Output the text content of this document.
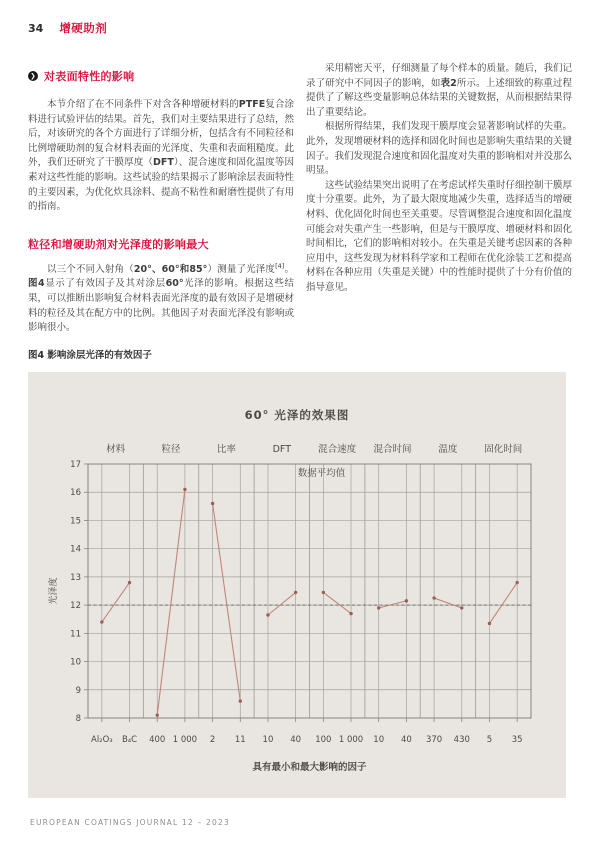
34 增硬助剂
❯ 对表面特性的影响

本节介绍了在不同条件下对含各种增硬材料的PTFE复合涂料进行试验评估的结果。首先，我们对主要结果进行了总结，然后，对该研究的各个方面进行了详细分析，包括含有不同粒径和比例增硬助剂的复合材料表面的光泽度、失重和表面粗糙度。此外，我们还研究了干膜厚度（DFT）、混合速度和固化温度等因素对这些性能的影响。这些试验的结果揭示了影响涂层表面特性的主要因素，为优化炊具涂料、提高不粘性和耐磨性提供了有用的指南。

粒径和增硬助剂对光泽度的影响最大

以三个不同入射角（20°、60°和85°）测量了光泽度[4]。图4显示了有效因子及其对涂层60°光泽的影响。根据这些结果，可以推断出影响复合材料表面光泽度的最有效因子是增硬材料的粒径及其在配方中的比例。其他因子对表面光泽没有影响或影响很小。

采用精密天平，仔细测量了每个样本的质量。随后，我们记录了研究中不同因子的影响，如表2所示。上述细致的称重过程提供了了解这些变量影响总体结果的关键数据，从而根据结果得出了重要结论。

根据所得结果，我们发现干膜厚度会显著影响试样的失重。此外，发现增硬材料的选择和固化时间也是影响失重结果的关键因子。我们发现混合速度和固化温度对失重的影响相对并没那么明显。

这些试验结果突出说明了在考虑试样失重时仔细控制干膜厚度十分重要。此外，为了最大限度地减少失重，选择适当的增硬材料、优化固化时间也至关重要。尽管调整混合速度和固化温度可能会对失重产生一些影响，但是与干膜厚度、增硬材料和固化时间相比，它们的影响相对较小。在失重是关键考虑因素的各种应用中，这些发现为材料科学家和工程师在优化涂装工艺和提高材料在各种应用（失重是关键）中的性能时提供了十分有价值的指导意见。

图4 影响涂层光泽的有效因子
8
9
10
11
12
13
14
15
16
17
Al₂O₃ B₄C
材料
400 1 000
粒径
2 11
比率
10 40
DFT
100 1 000
混合速度
10 40
混合时间
370 430
温度
5 35
固化时间
数据平均值
60° 光泽的效果图
具有最小和最大影响的因子
光泽度
EUROPEAN COATINGS JOURNAL 12 – 2023
